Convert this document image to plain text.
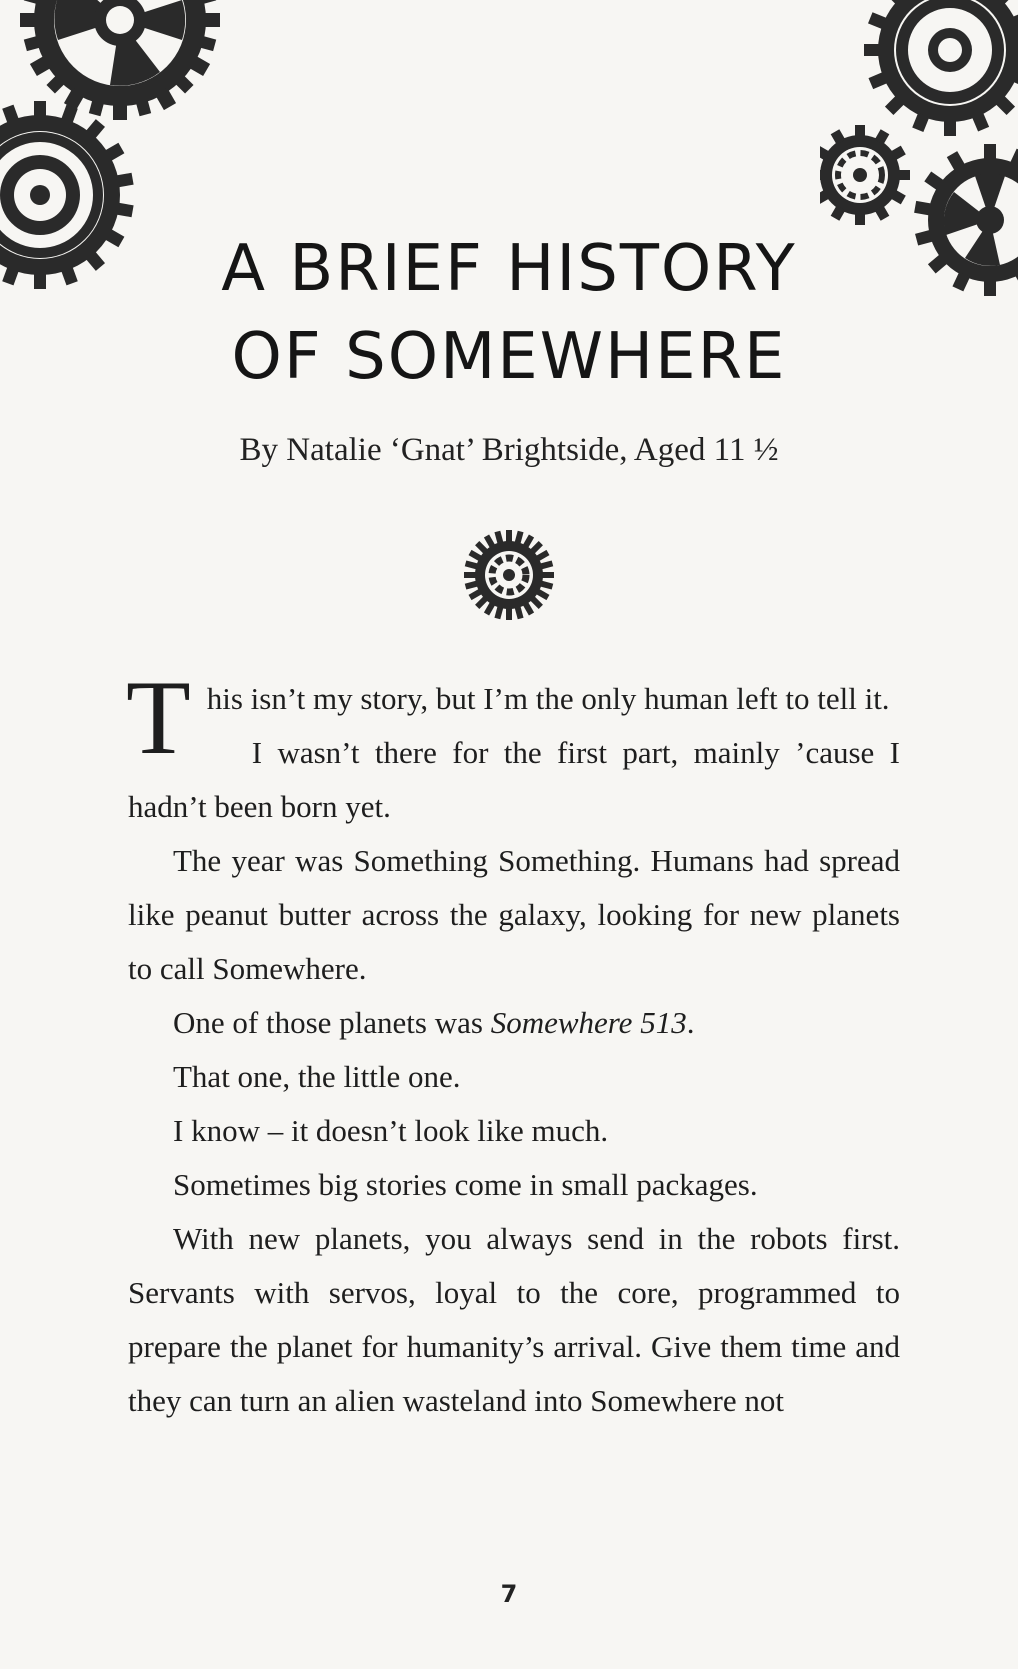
A BRIEF HISTORY
OF SOMEWHERE
By Natalie ‘Gnat’ Brightside, Aged 11 ½

This isn’t my story, but I’m the only human left to tell it.

I wasn’t there for the first part, mainly ’cause I hadn’t been born yet.

The year was Something Something. Humans had spread like peanut butter across the galaxy, looking for new planets to call Somewhere.

One of those planets was Somewhere 513.

That one, the little one.

I know – it doesn’t look like much.

Sometimes big stories come in small packages.

With new planets, you always send in the robots first. Servants with servos, loyal to the core, programmed to prepare the planet for humanity’s arrival. Give them time and they can turn an alien wasteland into Somewhere not

7
